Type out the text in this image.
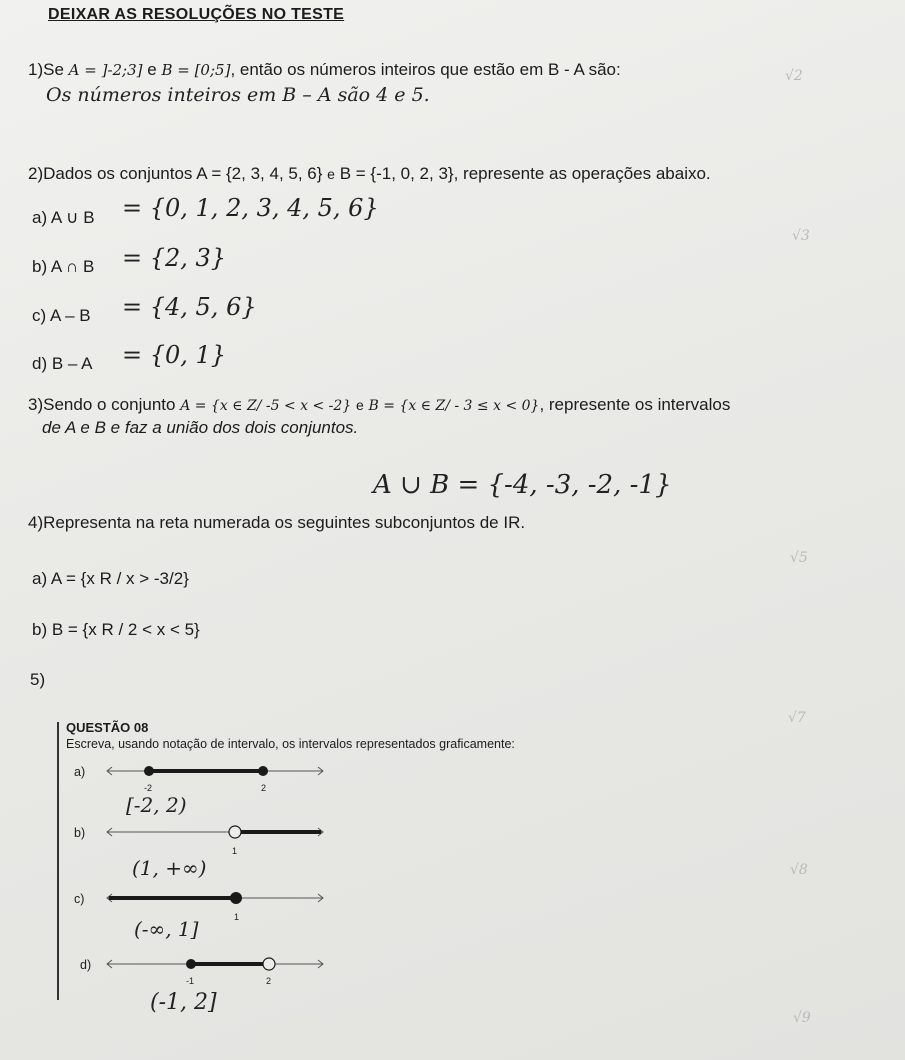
DEIXAR AS RESOLUÇÕES NO TESTE
1)Se A = ]-2;3] e B = [0;5], então os números inteiros que estão em B - A são:
Os números inteiros em B – A são 4 e 5.
2)Dados os conjuntos A = {2, 3, 4, 5, 6} e B = {-1, 0, 2, 3}, represente as operações abaixo.
a) A ∪ B = {0, 1, 2, 3, 4, 5, 6}
b) A ∩ B = {2, 3}
c) A – B = {4, 5, 6}
d) B – A = {0, 1}
3)Sendo o conjunto A = {x ∈ Z/ -5 < x < -2} e B = {x ∈ Z/ - 3 ≤ x < 0}, represente os intervalos
de A e B e faz a união dos dois conjuntos.
A ∪ B = {-4, -3, -2, -1}
4)Representa na reta numerada os seguintes subconjuntos de IR.
a) A = {x R / x > -3/2}
b) B = {x R / 2 < x < 5}
5)
QUESTÃO 08
Escreva, usando notação de intervalo, os intervalos representados graficamente:
a)
-2	2
[-2, 2)
b)
1
(1, +∞)
c)
1
(-∞, 1]
d)
-1	2
(-1, 2]
√2
√3
√5
√7
√8
√9
